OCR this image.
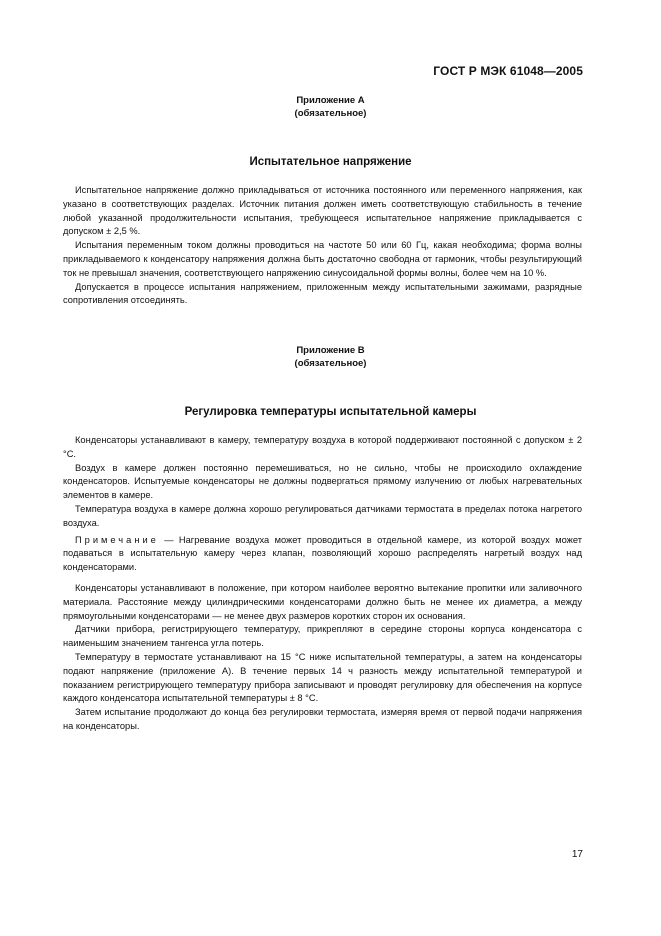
ГОСТ Р МЭК 61048—2005
Приложение А
(обязательное)
Испытательное напряжение

Испытательное напряжение должно прикладываться от источника постоянного или переменного напряжения, как указано в соответствующих разделах. Источник питания должен иметь соответствующую стабильность в течение любой указанной продолжительности испытания, требующееся испытательное напряжение прикладывается с допуском ± 2,5 %.

Испытания переменным током должны проводиться на частоте 50 или 60 Гц, какая необходима; форма волны прикладываемого к конденсатору напряжения должна быть достаточно свободна от гармоник, чтобы результирующий ток не превышал значения, соответствующего напряжению синусоидальной формы волны, более чем на 10 %.

Допускается в процессе испытания напряжением, приложенным между испытательными зажимами, разрядные сопротивления отсоединять.

Приложение В
(обязательное)
Регулировка температуры испытательной камеры

Конденсаторы устанавливают в камеру, температуру воздуха в которой поддерживают постоянной с допуском ± 2 °С.

Воздух в камере должен постоянно перемешиваться, но не сильно, чтобы не происходило охлаждение конденсаторов. Испытуемые конденсаторы не должны подвергаться прямому излучению от любых нагревательных элементов в камере.

Температура воздуха в камере должна хорошо регулироваться датчиками термостата в пределах потока нагретого воздуха.

Примечание — Нагревание воздуха может проводиться в отдельной камере, из которой воздух может подаваться в испытательную камеру через клапан, позволяющий хорошо распределять нагретый воздух над конденсаторами.

Конденсаторы устанавливают в положение, при котором наиболее вероятно вытекание пропитки или заливочного материала. Расстояние между цилиндрическими конденсаторами должно быть не менее их диаметра, а между прямоугольными конденсаторами — не менее двух размеров коротких сторон их основания.

Датчики прибора, регистрирующего температуру, прикрепляют в середине стороны корпуса конденсатора с наименьшим значением тангенса угла потерь.

Температуру в термостате устанавливают на 15 °С ниже испытательной температуры, а затем на конденсаторы подают напряжение (приложение А). В течение первых 14 ч разность между испытательной температурой и показанием регистрирующего температуру прибора записывают и проводят регулировку для обеспечения на корпусе каждого конденсатора испытательной температуры ± 8 °С.

Затем испытание продолжают до конца без регулировки термостата, измеряя время от первой подачи напряжения на конденсаторы.

17
